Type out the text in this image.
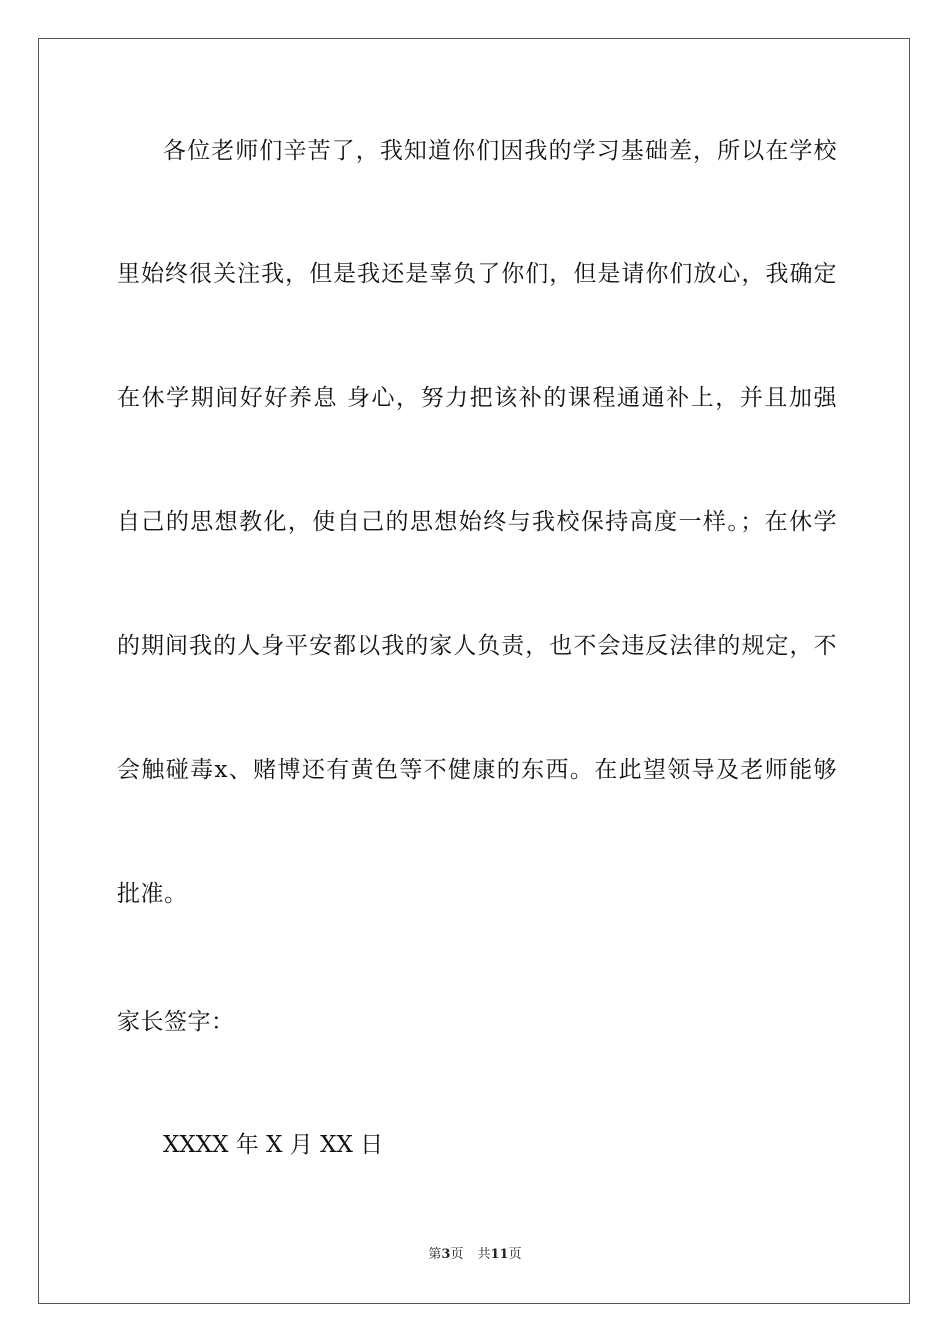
各位老师们辛苦了，我知道你们因我的学习基础差，所以在学校
里始终很关注我，但是我还是辜负了你们，但是请你们放心，我确定
在休学期间好好养息 身心，努力把该补的课程通通补上，并且加强
自己的思想教化，使自己的思想始终与我校保持高度一样。；在休学
的期间我的人身平安都以我的家人负责，也不会违反法律的规定，不
会触碰毒x、赌博还有黄色等不健康的东西。在此望领导及老师能够
批准。
家长签字：
XXXX 年 X 月 XX 日
第3页 共11页
